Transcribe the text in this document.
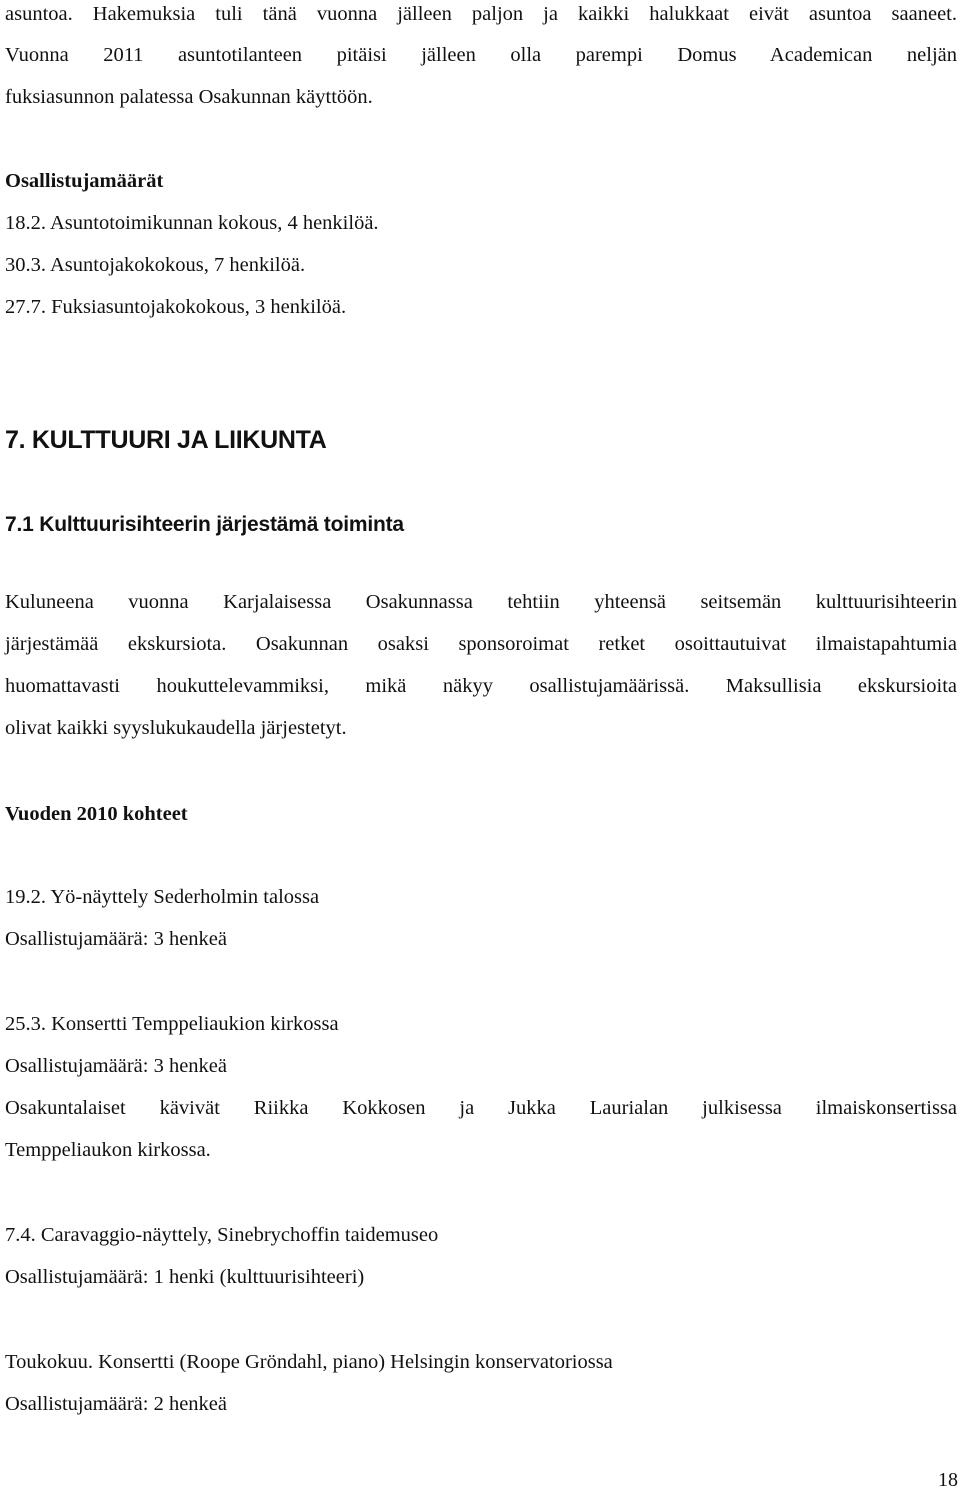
asuntoa. Hakemuksia tuli tänä vuonna jälleen paljon ja kaikki halukkaat eivät asuntoa saaneet.
Vuonna 2011 asuntotilanteen pitäisi jälleen olla parempi Domus Academican neljän
fuksiasunnon palatessa Osakunnan käyttöön.
Osallistujamäärät
18.2. Asuntotoimikunnan kokous, 4 henkilöä.
30.3. Asuntojakokokous, 7 henkilöä.
27.7. Fuksiasuntojakokokous, 3 henkilöä.
7. KULTTUURI JA LIIKUNTA
7.1 Kulttuurisihteerin järjestämä toiminta
Kuluneena vuonna Karjalaisessa Osakunnassa tehtiin yhteensä seitsemän kulttuurisihteerin
järjestämää ekskursiota. Osakunnan osaksi sponsoroimat retket osoittautuivat ilmaistapahtumia
huomattavasti houkuttelevammiksi, mikä näkyy osallistujamäärissä. Maksullisia ekskursioita
olivat kaikki syyslukukaudella järjestetyt.
Vuoden 2010 kohteet
19.2. Yö-näyttely Sederholmin talossa
Osallistujamäärä: 3 henkeä
25.3. Konsertti Temppeliaukion kirkossa
Osallistujamäärä: 3 henkeä
Osakuntalaiset kävivät Riikka Kokkosen ja Jukka Laurialan julkisessa ilmaiskonsertissa
Temppeliaukon kirkossa.
7.4. Caravaggio-näyttely, Sinebrychoffin taidemuseo
Osallistujamäärä: 1 henki (kulttuurisihteeri)
Toukokuu. Konsertti (Roope Gröndahl, piano) Helsingin konservatoriossa
Osallistujamäärä: 2 henkeä
18
